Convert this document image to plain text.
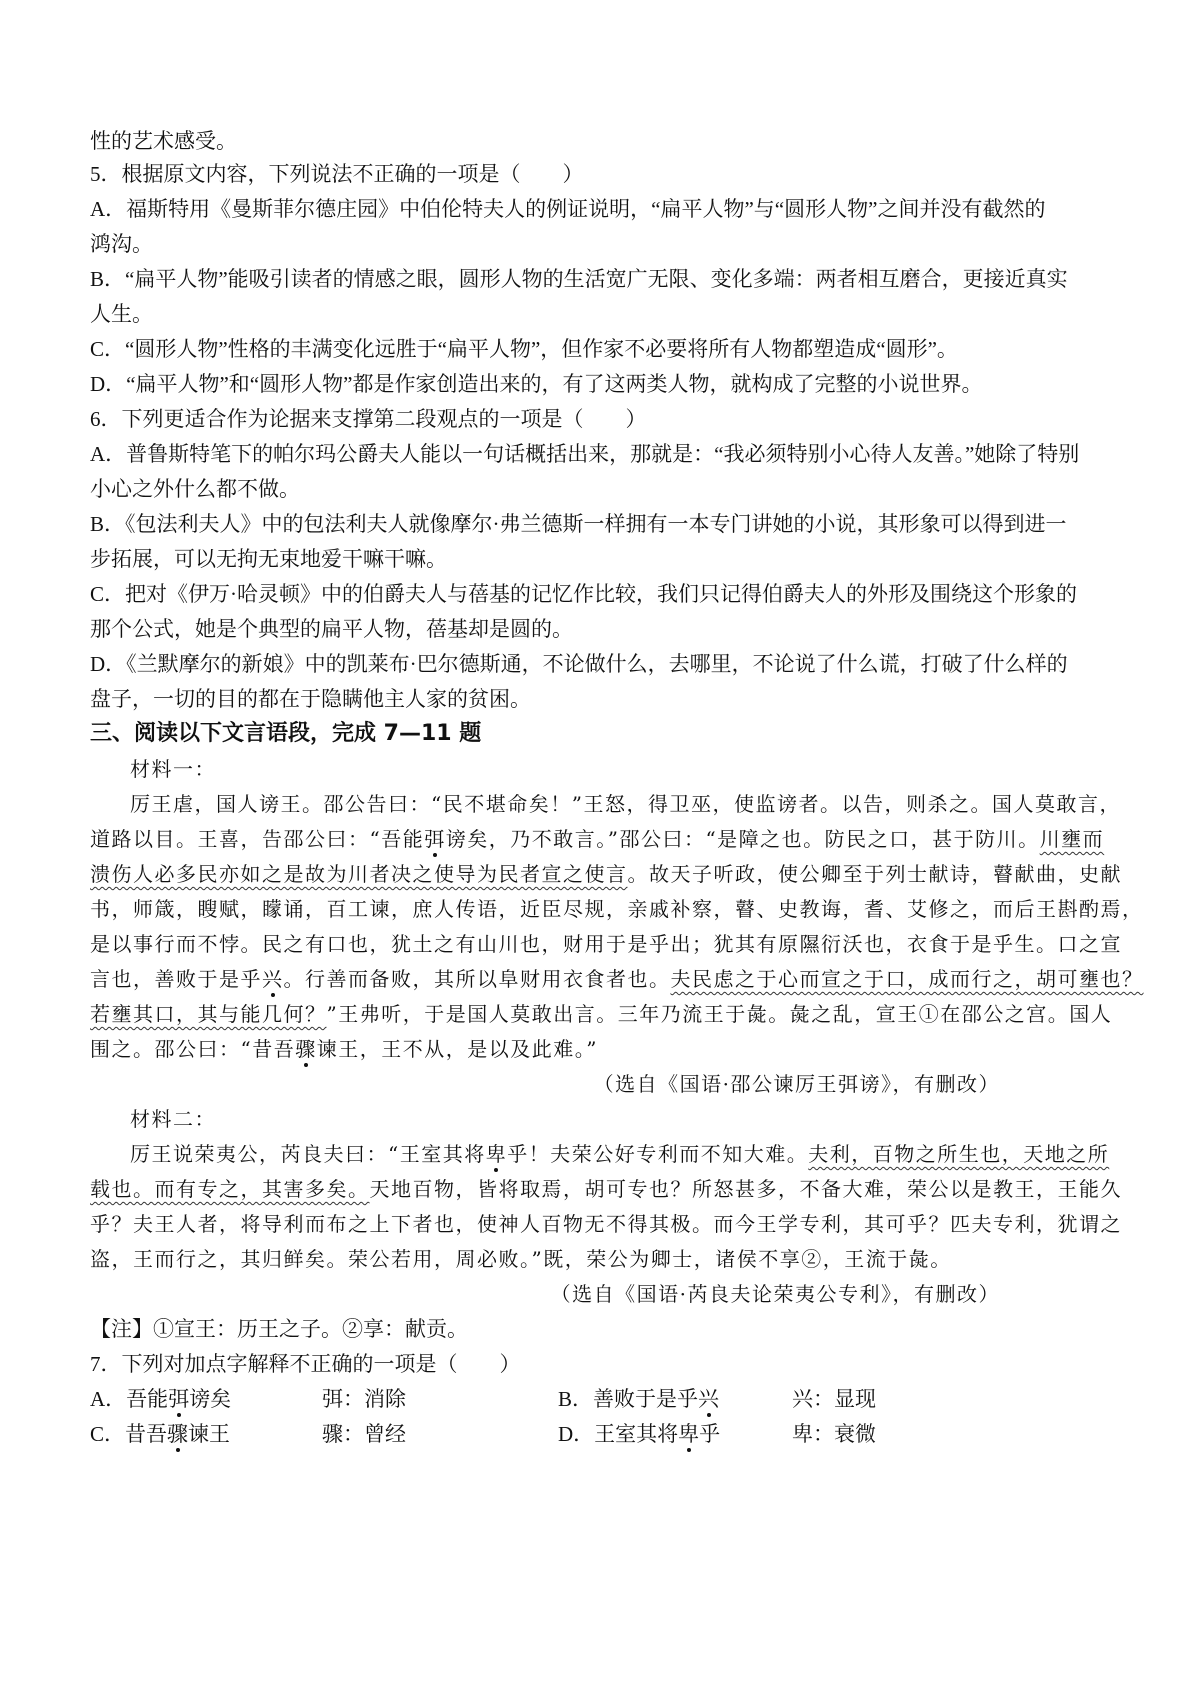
性的艺术感受。
5．根据原文内容，下列说法不正确的一项是（　　）
A．福斯特用《曼斯菲尔德庄园》中伯伦特夫人的例证说明，“扁平人物”与“圆形人物”之间并没有截然的
鸿沟。
B．“扁平人物”能吸引读者的情感之眼，圆形人物的生活宽广无限、变化多端：两者相互磨合，更接近真实
人生。
C．“圆形人物”性格的丰满变化远胜于“扁平人物”，但作家不必要将所有人物都塑造成“圆形”。
D．“扁平人物”和“圆形人物”都是作家创造出来的，有了这两类人物，就构成了完整的小说世界。
6．下列更适合作为论据来支撑第二段观点的一项是（　　）
A．普鲁斯特笔下的帕尔玛公爵夫人能以一句话概括出来，那就是：“我必须特别小心待人友善。”她除了特别
小心之外什么都不做。
B．《包法利夫人》中的包法利夫人就像摩尔·弗兰德斯一样拥有一本专门讲她的小说，其形象可以得到进一
步拓展，可以无拘无束地爱干嘛干嘛。
C．把对《伊万·哈灵顿》中的伯爵夫人与蓓基的记忆作比较，我们只记得伯爵夫人的外形及围绕这个形象的
那个公式，她是个典型的扁平人物，蓓基却是圆的。
D．《兰默摩尔的新娘》中的凯莱布·巴尔德斯通，不论做什么，去哪里，不论说了什么谎，打破了什么样的
盘子，一切的目的都在于隐瞒他主人家的贫困。
三、阅读以下文言语段，完成 7—11 题
材料一：
厉王虐，国人谤王。邵公告曰：“民不堪命矣！”王怒，得卫巫，使监谤者。以告，则杀之。国人莫敢言，
道路以目。王喜，告邵公曰：“吾能弭谤矣，乃不敢言。”邵公曰：“是障之也。防民之口，甚于防川。川壅而
溃伤人必多民亦如之是故为川者决之使导为民者宣之使言。故天子听政，使公卿至于列士献诗，瞽献曲，史献
书，师箴，瞍赋，矇诵，百工谏，庶人传语，近臣尽规，亲戚补察，瞽、史教诲，耆、艾修之，而后王斟酌焉，
是以事行而不悖。民之有口也，犹土之有山川也，财用于是乎出；犹其有原隰衍沃也，衣食于是乎生。口之宣
言也，善败于是乎兴。行善而备败，其所以阜财用衣食者也。夫民虑之于心而宣之于口，成而行之，胡可壅也？
若壅其口，其与能几何？”王弗听，于是国人莫敢出言。三年乃流王于彘。彘之乱，宣王①在邵公之宫。国人
围之。邵公曰：“昔吾骤谏王，王不从，是以及此难。”
（选自《国语·邵公谏厉王弭谤》，有删改）
材料二：
厉王说荣夷公，芮良夫曰：“王室其将卑乎！夫荣公好专利而不知大难。夫利，百物之所生也，天地之所
载也。而有专之，其害多矣。天地百物，皆将取焉，胡可专也？所怒甚多，不备大难，荣公以是教王，王能久
乎？夫王人者，将导利而布之上下者也，使神人百物无不得其极。而今王学专利，其可乎？匹夫专利，犹谓之
盗，王而行之，其归鲜矣。荣公若用，周必败。”既，荣公为卿士，诸侯不享②，王流于彘。
（选自《国语·芮良夫论荣夷公专利》，有删改）
【注】①宣王：历王之子。②享：献贡。
7．下列对加点字解释不正确的一项是（　　）
A．吾能弭谤矣	弭：消除	B．善败于是乎兴	兴：显现
C．昔吾骤谏王	骤：曾经	D．王室其将卑乎	卑：衰微
